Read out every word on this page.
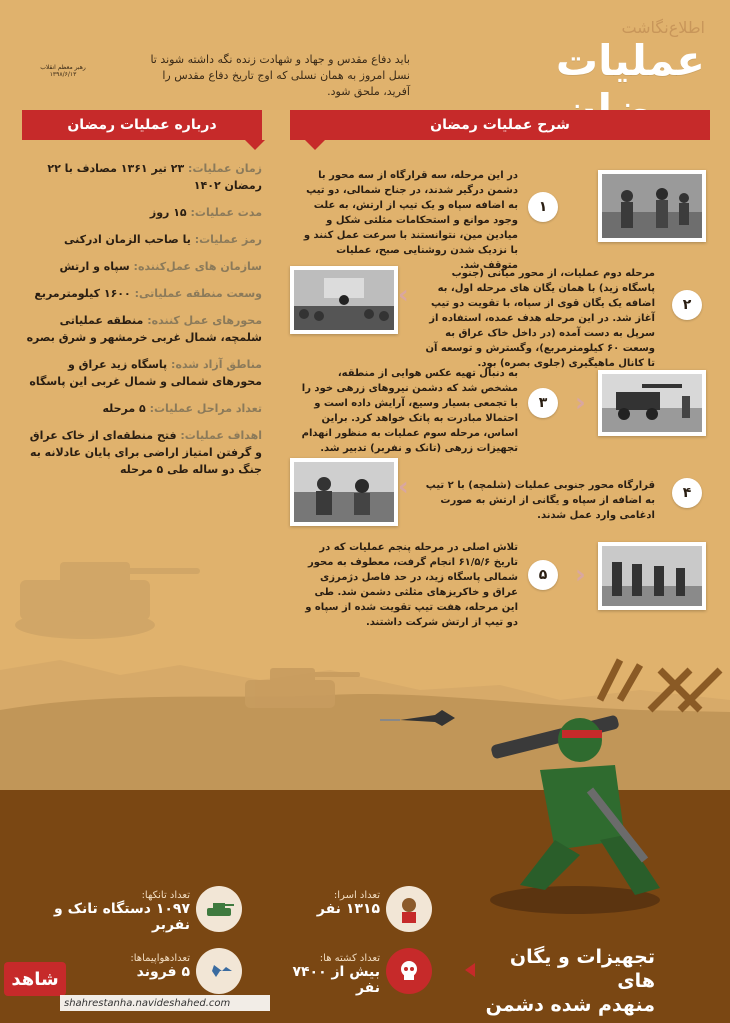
اطلاع‌نگاشت
عملیات
باید دفاع مقدس و جهاد و شهادت زنده نگه داشته شوند تا نسل امروز به همان نسلی که اوج تاریخ دفاع مقدس را آفرید، ملحق شود.
رهبر معظم انقلاب ۱۳۹۸/۶/۱۳
درباره عملیات رمضان	شرح عملیات رمضان
زمان عملیات: ۲۳ تیر ۱۳۶۱ مصادف با ۲۲ رمضان ۱۴۰۲
مدت عملیات: ۱۵ روز
رمز عملیات: یا صاحب الزمان ادرکنی
سازمان های عمل‌کننده: سپاه و ارتش
وسعت منطقه عملیاتی: ۱۶۰۰ کیلومترمربع
محورهای عمل کننده: منطقه عملیاتی شلمچه، شمال غربی خرمشهر و شرق بصره
مناطق آزاد شده: پاسگاه زید عراق و محورهای شمالی و شمال غربی این پاسگاه
تعداد مراحل عملیات: ۵ مرحله
اهداف عملیات: فتح منطقه‌ای از خاک عراق و گرفتن امتیاز اراضی برای پایان عادلانه به جنگ دو ساله طی ۵ مرحله
۱
در این مرحله، سه قرارگاه از سه محور با دشمن درگیر شدند، در جناح شمالی، دو تیپ به اضافه سپاه و یک تیپ از ارتش، به علت وجود موانع و استحکامات مثلثی شکل و میادین مین، نتوانستند با سرعت عمل کنند و با نزدیک شدن روشنایی صبح، عملیات متوقف شد.
‹
مرحله دوم عملیات، از محور میانی (جنوب پاسگاه زید) با همان یگان های مرحله اول، به اضافه یک یگان قوی از سپاه، با تقویت دو تیپ آغاز شد. در این مرحله هدف عمده، استفاده از سرپل به دست آمده (در داخل خاک عراق به وسعت ۶۰ کیلومترمربع)، وگسترش و توسعه آن تا کانال ماهیگیری (جلوی بصره) بود.
۲
›
۳
به دنبال تهیه عکس هوایی از منطقه، مشخص شد که دشمن نیروهای زرهی خود را با تجمعی بسیار وسیع، آرایش داده است و احتمالا مبادرت به پاتک خواهد کرد. براین اساس، مرحله سوم عملیات به منظور انهدام تجهیزات زرهی (تانک و نفربر) تدبیر شد.
‹ قرارگاه محور جنوبی عملیات (شلمچه) با ۲ تیپ به اضافه از سپاه و یگانی از ارتش به صورت ادغامی وارد عمل شدند.
۴
›
۵
تلاش اصلی در مرحله پنجم عملیات که در تاریخ ۶۱/۵/۶ انجام گرفت، معطوف به محور شمالی پاسگاه زید، در حد فاصل دژمرزی عراق و خاکریزهای مثلثی دشمن شد. طی این مرحله، هفت تیپ تقویت شده از سپاه و دو تیپ از ارتش شرکت داشتند.
تجهیزات و یگان های
منهدم شده دشمن
تعداد اسرا:
۱۳۱۵ نفر
تعداد تانکها:
۱۰۹۷ دستگاه تانک و نفربر
تعداد کشته ها:
بیش از ۷۴۰۰ نفر
تعدادهواپیماها:
۵ فروند
شاهد
shahrestanha.navideshahed.com
